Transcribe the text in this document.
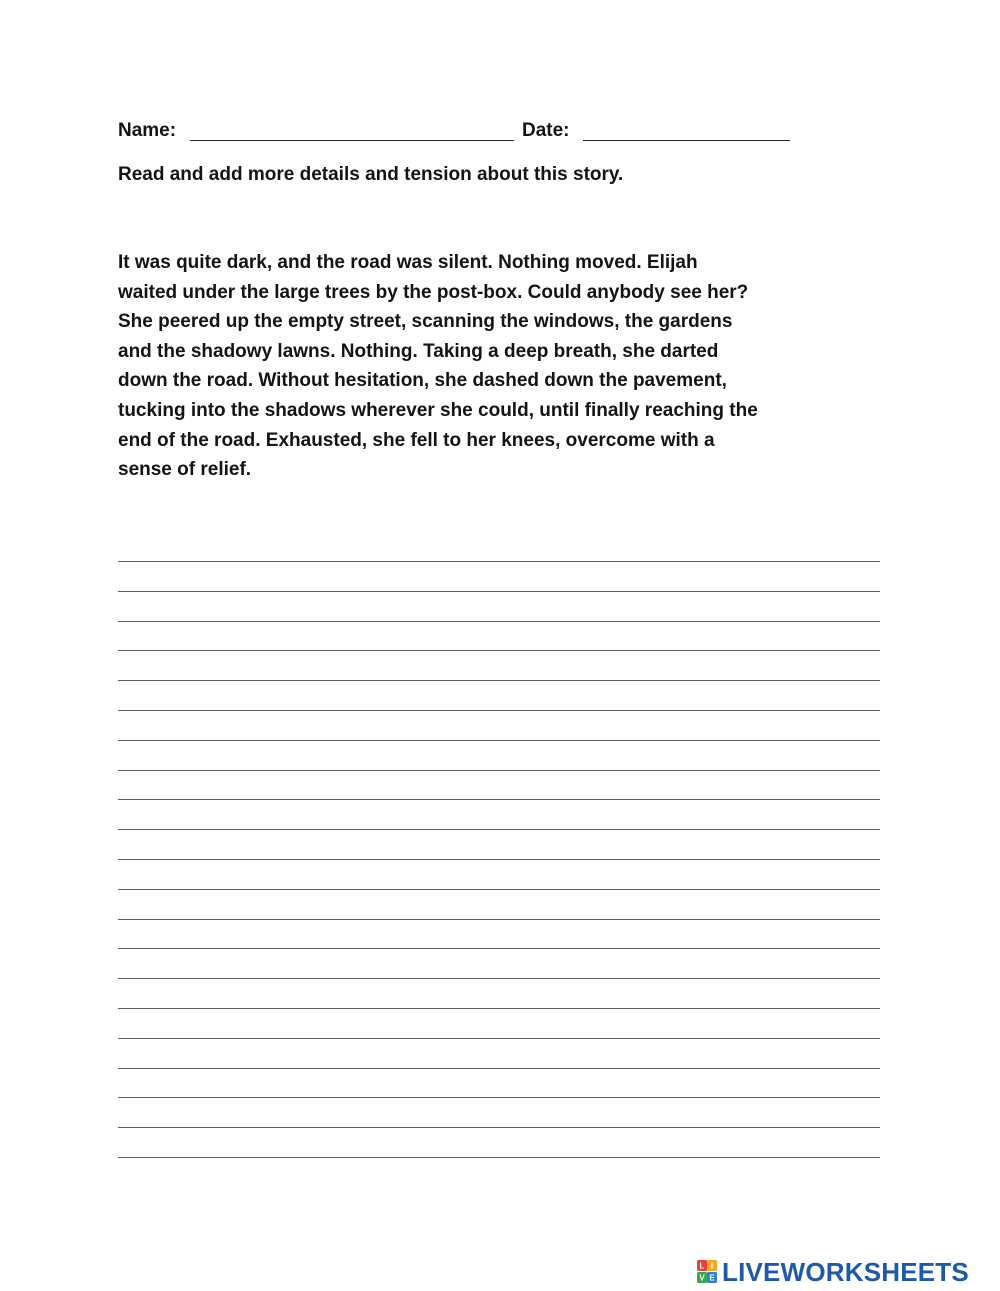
Name:	Date:
Read and add more details and tension about this story.
It was quite dark, and the road was silent. Nothing moved. Elijah
waited under the large trees by the post-box. Could anybody see her?
She peered up the empty street, scanning the windows, the gardens
and the shadowy lawns. Nothing. Taking a deep breath, she darted
down the road. Without hesitation, she dashed down the pavement,
tucking into the shadows wherever she could, until finally reaching the
end of the road. Exhausted, she fell to her knees, overcome with a
sense of relief.
L I
V E LIVEWORKSHEETS
